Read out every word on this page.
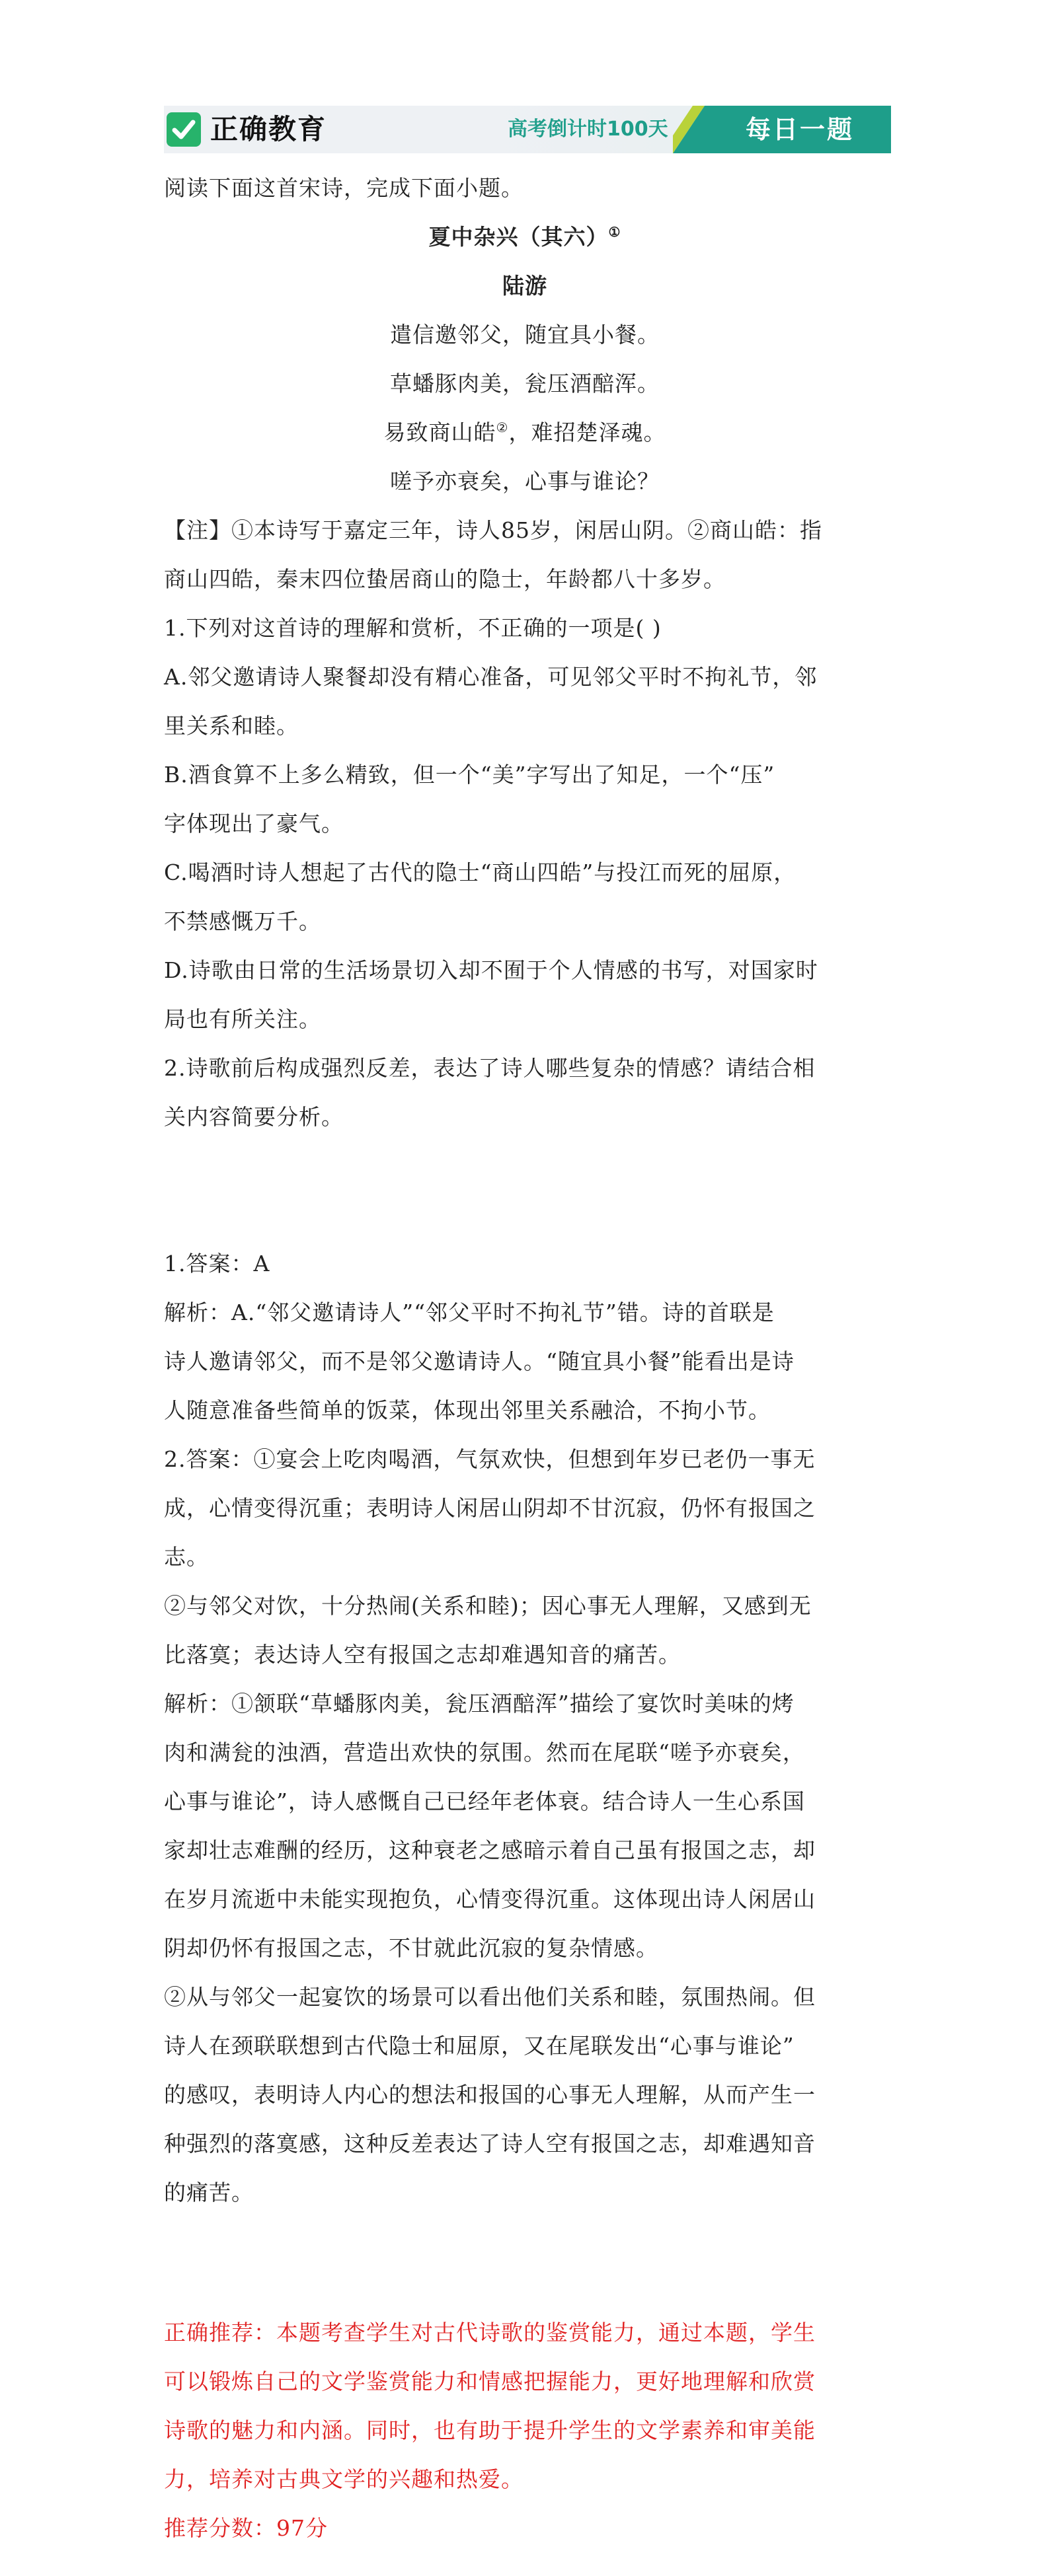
正确教育	高考倒计时100天	每日一题
阅读下面这首宋诗，完成下面小题。
夏中杂兴（其六）①
陆游
遣信邀邻父，随宜具小餐。
草蟠豚肉美，瓮压酒醅浑。
易致商山皓②，难招楚泽魂。
嗟予亦衰矣，心事与谁论？
【注】①本诗写于嘉定三年，诗人85岁，闲居山阴。②商山皓：指
商山四皓，秦末四位蛰居商山的隐士，年龄都八十多岁。
1.下列对这首诗的理解和赏析，不正确的一项是( )
A.邻父邀请诗人聚餐却没有精心准备，可见邻父平时不拘礼节，邻
里关系和睦。
B.酒食算不上多么精致，但一个“美”字写出了知足，一个“压”
字体现出了豪气。
C.喝酒时诗人想起了古代的隐士“商山四皓”与投江而死的屈原，
不禁感慨万千。
D.诗歌由日常的生活场景切入却不囿于个人情感的书写，对国家时
局也有所关注。
2.诗歌前后构成强烈反差，表达了诗人哪些复杂的情感？请结合相
关内容简要分析。
1.答案：A
解析：A.“邻父邀请诗人”“邻父平时不拘礼节”错。诗的首联是
诗人邀请邻父，而不是邻父邀请诗人。“随宜具小餐”能看出是诗
人随意准备些简单的饭菜，体现出邻里关系融洽，不拘小节。
2.答案：①宴会上吃肉喝酒，气氛欢快，但想到年岁已老仍一事无
成，心情变得沉重；表明诗人闲居山阴却不甘沉寂，仍怀有报国之
志。
②与邻父对饮，十分热闹(关系和睦)；因心事无人理解，又感到无
比落寞；表达诗人空有报国之志却难遇知音的痛苦。
解析：①颔联“草蟠豚肉美，瓮压酒醅浑”描绘了宴饮时美味的烤
肉和满瓮的浊酒，营造出欢快的氛围。然而在尾联“嗟予亦衰矣，
心事与谁论”，诗人感慨自己已经年老体衰。结合诗人一生心系国
家却壮志难酬的经历，这种衰老之感暗示着自己虽有报国之志，却
在岁月流逝中未能实现抱负，心情变得沉重。这体现出诗人闲居山
阴却仍怀有报国之志，不甘就此沉寂的复杂情感。
②从与邻父一起宴饮的场景可以看出他们关系和睦，氛围热闹。但
诗人在颈联联想到古代隐士和屈原，又在尾联发出“心事与谁论”
的感叹，表明诗人内心的想法和报国的心事无人理解，从而产生一
种强烈的落寞感，这种反差表达了诗人空有报国之志，却难遇知音
的痛苦。
正确推荐：本题考查学生对古代诗歌的鉴赏能力，通过本题，学生
可以锻炼自己的文学鉴赏能力和情感把握能力，更好地理解和欣赏
诗歌的魅力和内涵。同时，也有助于提升学生的文学素养和审美能
力，培养对古典文学的兴趣和热爱。
推荐分数：97分
